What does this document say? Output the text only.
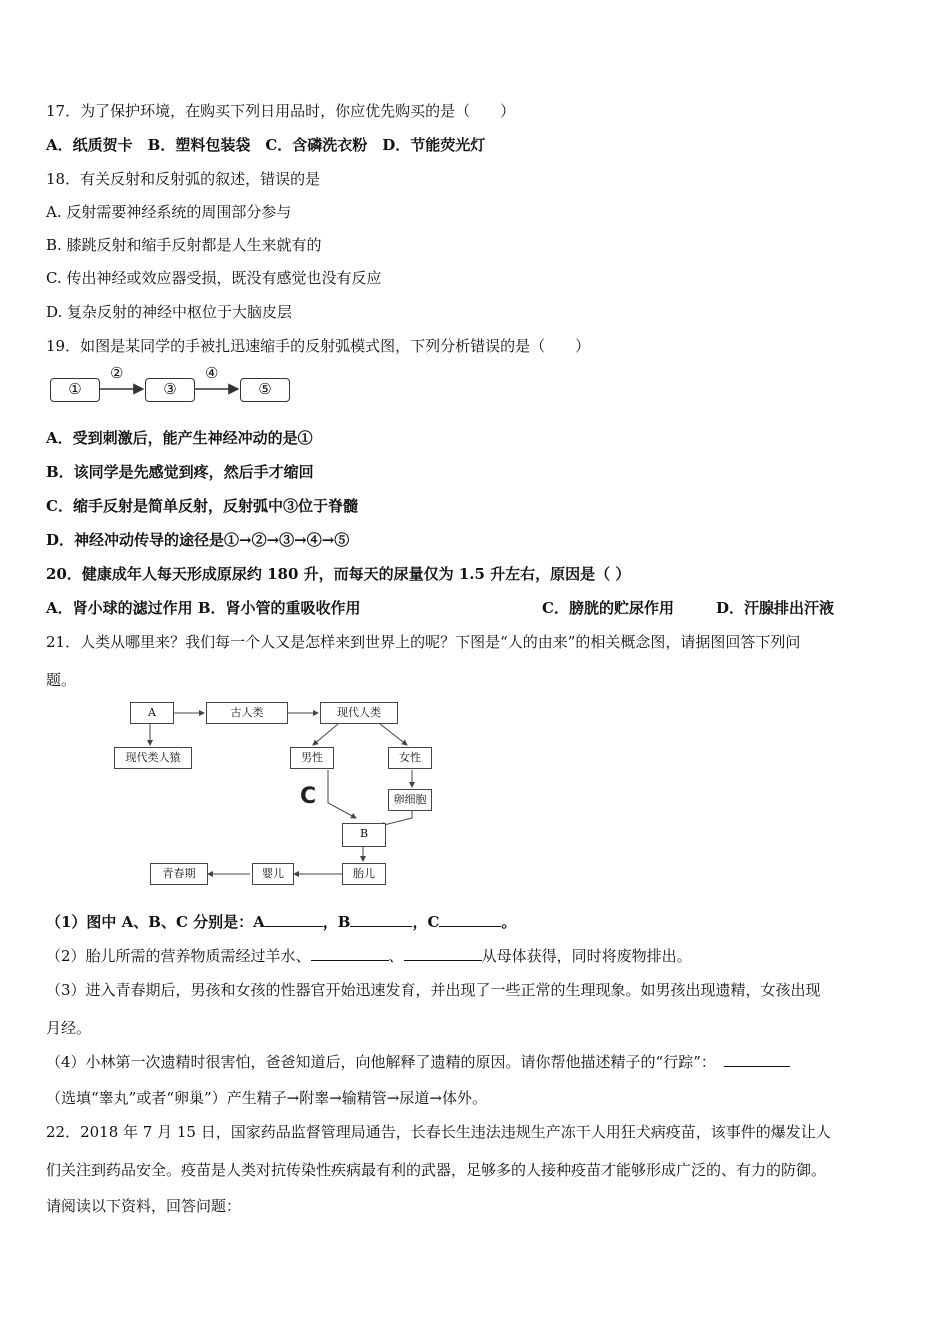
17．为了保护环境，在购买下列日用品时，你应优先购买的是（　　）
A．纸质贺卡　B．塑料包装袋　C．含磷洗衣粉　D．节能荧光灯
18．有关反射和反射弧的叙述，错误的是
A. 反射需要神经系统的周围部分参与
B. 膝跳反射和缩手反射都是人生来就有的
C. 传出神经或效应器受损，既没有感觉也没有反应
D. 复杂反射的神经中枢位于大脑皮层
19．如图是某同学的手被扎迅速缩手的反射弧模式图，下列分析错误的是（　　）
①	③	⑤
②	④
A．受到刺激后，能产生神经冲动的是①
B．该同学是先感觉到疼，然后手才缩回
C．缩手反射是简单反射，反射弧中③位于脊髓
D．神经冲动传导的途径是①→②→③→④→⑤
20．健康成年人每天形成原尿约 180 升，而每天的尿量仅为 1.5 升左右，原因是（ ）
A．肾小球的滤过作用 B．肾小管的重吸收作用	C．膀胱的贮尿作用	D．汗腺排出汗液
21．人类从哪里来？我们每一个人又是怎样来到世界上的呢？下图是“人的由来”的相关概念图，请据图回答下列问
题。
A	古人类	现代人类
现代类人猿	男性	女性
C	卵细胞
B
胎儿
婴儿
青春期
（1）图中 A、B、C 分别是：A	，B	，C	。
（2）胎儿所需的营养物质需经过羊水、	、	从母体获得，同时将废物排出。
（3）进入青春期后，男孩和女孩的性器官开始迅速发育，并出现了一些正常的生理现象。如男孩出现遗精，女孩出现
月经。
（4）小林第一次遗精时很害怕，爸爸知道后，向他解释了遗精的原因。请你帮他描述精子的“行踪”：
（选填“睾丸”或者“卵巢”）产生精子→附睾→输精管→尿道→体外。
22．2018 年 7 月 15 日，国家药品监督管理局通告，长春长生违法违规生产冻干人用狂犬病疫苗，该事件的爆发让人
们关注到药品安全。疫苗是人类对抗传染性疾病最有利的武器，足够多的人接种疫苗才能够形成广泛的、有力的防御。
请阅读以下资料，回答问题：
